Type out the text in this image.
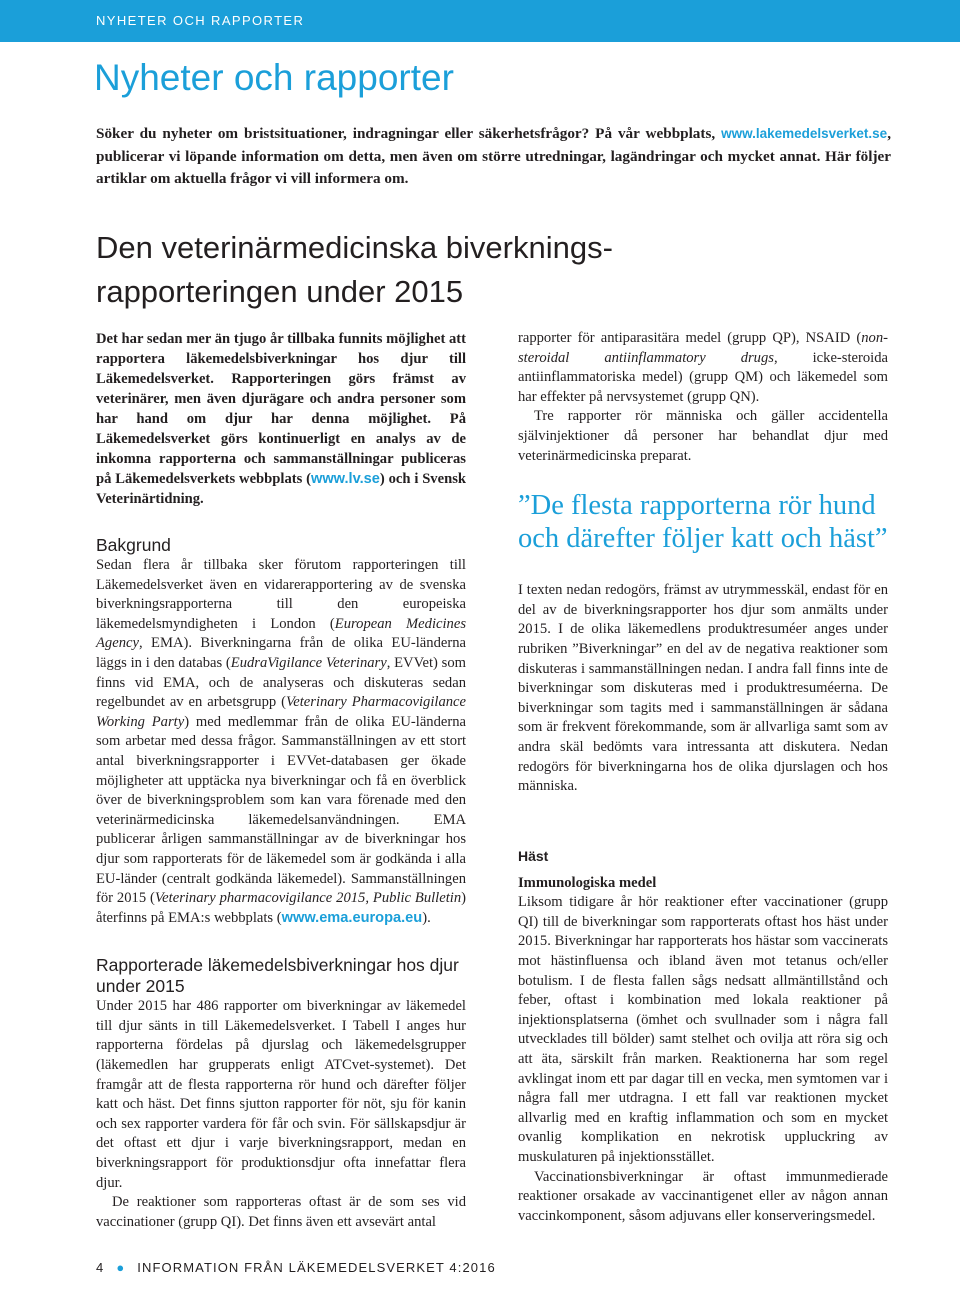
NYHETER OCH RAPPORTER
Nyheter och rapporter

Söker du nyheter om bristsituationer, indragningar eller säkerhetsfrågor? På vår webbplats, www.lakemedelsverket.se, publicerar vi löpande information om detta, men även om större utredningar, lagändringar och mycket annat. Här följer artiklar om aktuella frågor vi vill informera om.

Den veterinärmedicinska biverknings-
rapporteringen under 2015

Det har sedan mer än tjugo år tillbaka funnits möjlighet att rapportera läkemedelsbiverkningar hos djur till Läkemedelsverket. Rapporteringen görs främst av veterinärer, men även djurägare och andra personer som har hand om djur har denna möjlighet. På Läkemedelsverket görs kontinuerligt en analys av de inkomna rapporterna och sammanställningar publiceras på Läkemedelsverkets webbplats (www.lv.se) och i Svensk Veterinärtidning.

Bakgrund

Sedan flera år tillbaka sker förutom rapporteringen till Läkemedelsverket även en vidarerapportering av de svenska biverkningsrapporterna till den europeiska läkemedelsmyndigheten i London (European Medicines Agency, EMA). Biverkningarna från de olika EU-länderna läggs in i den databas (EudraVigilance Veterinary, EVVet) som finns vid EMA, och de analyseras och diskuteras sedan regelbundet av en arbetsgrupp (Veterinary Pharmacovigilance Working Party) med medlemmar från de olika EU-länderna som arbetar med dessa frågor. Sammanställningen av ett stort antal biverkningsrapporter i EVVet-databasen ger ökade möjligheter att upptäcka nya biverkningar och få en överblick över de biverkningsproblem som kan vara förenade med den veterinärmedicinska läkemedelsanvändningen. EMA publicerar årligen sammanställningar av de biverkningar hos djur som rapporterats för de läkemedel som är godkända i alla EU-länder (centralt godkända läkemedel). Sammanställningen för 2015 (Veterinary pharmacovigilance 2015, Public Bulletin) återfinns på EMA:s webbplats (www.ema.europa.eu).

Rapporterade läkemedelsbiverkningar hos djur under 2015

Under 2015 har 486 rapporter om biverkningar av läkemedel till djur sänts in till Läkemedelsverket. I Tabell I anges hur rapporterna fördelas på djurslag och läkemedelsgrupper (läkemedlen har grupperats enligt ATCvet-systemet). Det framgår att de flesta rapporterna rör hund och därefter följer katt och häst. Det finns sjutton rapporter för nöt, sju för kanin och sex rapporter vardera för får och svin. För sällskapsdjur är det oftast ett djur i varje biverkningsrapport, medan en biverkningsrapport för produktionsdjur ofta innefattar flera djur.

De reaktioner som rapporteras oftast är de som ses vid vaccinationer (grupp QI). Det finns även ett avsevärt antal

rapporter för antiparasitära medel (grupp QP), NSAID (non-steroidal antiinflammatory drugs, icke-steroida antiinflammatoriska medel) (grupp QM) och läkemedel som har effekter på nervsystemet (grupp QN).

Tre rapporter rör människa och gäller accidentella självinjektioner då personer har behandlat djur med veterinärmedicinska preparat.

”De flesta rapporterna rör hund och därefter följer katt och häst”

I texten nedan redogörs, främst av utrymmesskäl, endast för en del av de biverkningsrapporter hos djur som anmälts under 2015. I de olika läkemedlens produktresuméer anges under rubriken ”Biverkningar” en del av de negativa reaktioner som diskuteras i sammanställningen nedan. I andra fall finns inte de biverkningar som diskuteras med i produktresuméerna. De biverkningar som tagits med i sammanställningen är sådana som är frekvent förekommande, som är allvarliga samt som av andra skäl bedömts vara intressanta att diskutera. Nedan redogörs för biverkningarna hos de olika djurslagen och hos människa.

Häst
Immunologiska medel

Liksom tidigare år hör reaktioner efter vaccinationer (grupp QI) till de biverkningar som rapporterats oftast hos häst under 2015. Biverkningar har rapporterats hos hästar som vaccinerats mot hästinfluensa och ibland även mot tetanus och/eller botulism. I de flesta fallen sågs nedsatt allmäntillstånd och feber, oftast i kombination med lokala reaktioner på injektionsplatserna (ömhet och svullnader som i några fall utvecklades till bölder) samt stelhet och ovilja att röra sig och att äta, särskilt från marken. Reaktionerna har som regel avklingat inom ett par dagar till en vecka, men symtomen var i några fall mer utdragna. I ett fall var reaktionen mycket allvarlig med en kraftig inflammation och som en mycket ovanlig komplikation en nekrotisk uppluckring av muskulaturen på injektionsstället.

Vaccinationsbiverkningar är oftast immunmedierade reaktioner orsakade av vaccinantigenet eller av någon annan vaccinkomponent, såsom adjuvans eller konserveringsmedel.

4 ● INFORMATION FRÅN LÄKEMEDELSVERKET 4:2016
